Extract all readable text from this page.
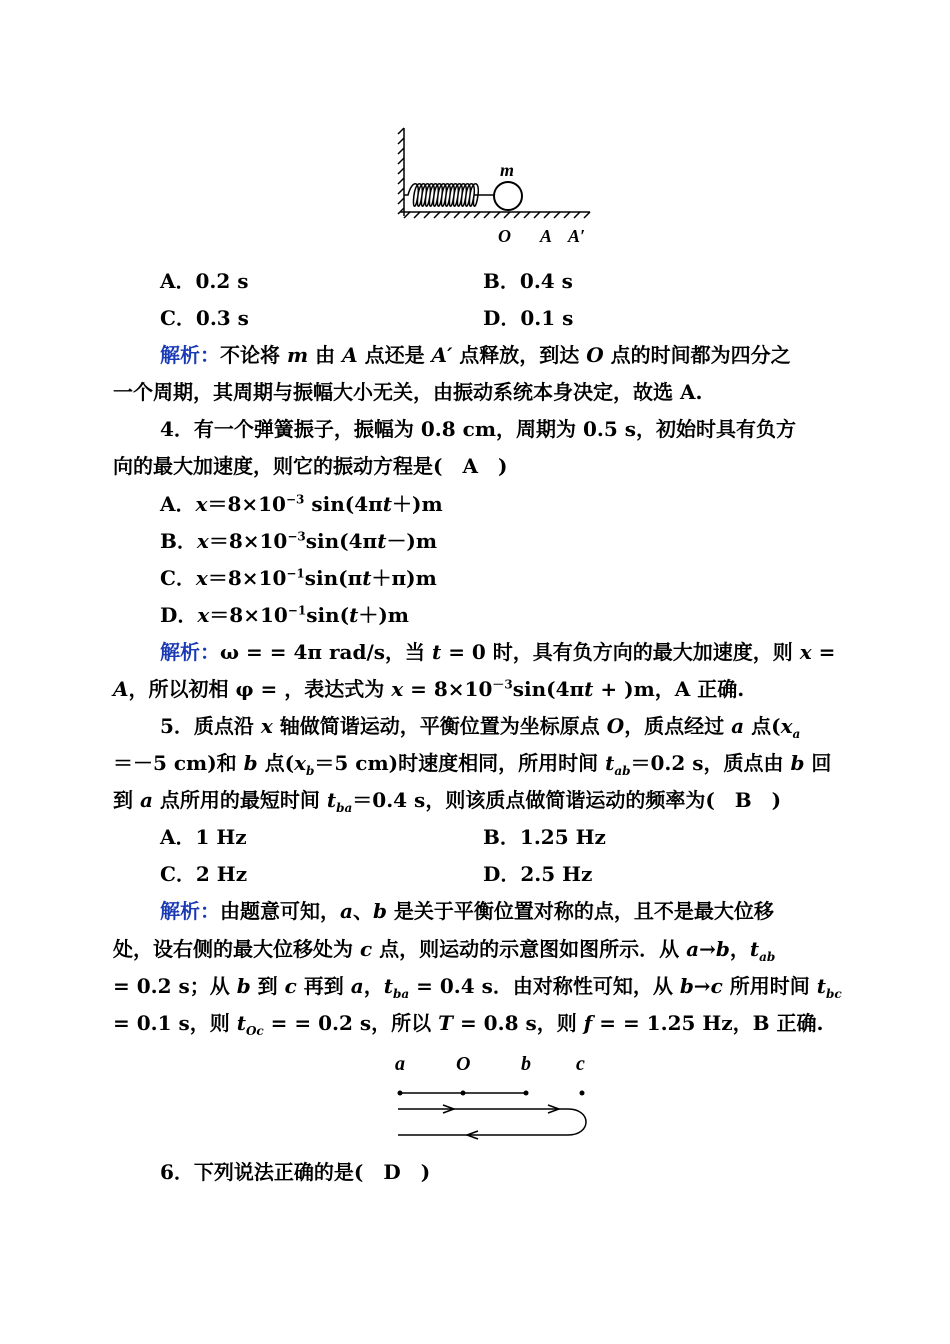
m
O A A′
A．0.2 s	B．0.4 s
C．0.3 s	D．0.1 s
解析：不论将 m 由 A 点还是 A′ 点释放，到达 O 点的时间都为四分之
一个周期，其周期与振幅大小无关，由振动系统本身决定，故选 A.
4．有一个弹簧振子，振幅为 0.8 cm，周期为 0.5 s，初始时具有负方
向的最大加速度，则它的振动方程是(　A　)
A．$x=8\times 10^{-3}$ sin(4πt＋)m
B．$x=8\times 10^{-3}\sin(4\pi t-)m$
C．$x=8\times 10^{-1}\sin(\pi t+\pi)m$
D．$x=8\times 10^{-1}\sin(t+)m$
解析：ω = = 4π rad/s，当 t = 0 时，具有负方向的最大加速度，则 x =
A，所以初相 φ = ，表达式为 $x = 8\times 10^{-3}\sin(4\pi t + )m$，A 正确.
5．质点沿 x 轴做简谐运动，平衡位置为坐标原点 O，质点经过 a 点($x_a$
＝－5 cm)和 b 点($x_b=5$ cm)时速度相同，所用时间 $t_{ab}=0.2$ s，质点由 b 回
到 a 点所用的最短时间 $t_{ba}=0.4$ s，则该质点做简谐运动的频率为(　B　)
A．1 Hz	B．1.25 Hz
C．2 Hz	D．2.5 Hz
解析：由题意可知，a、b 是关于平衡位置对称的点，且不是最大位移
处，设右侧的最大位移处为 c 点，则运动的示意图如图所示．从 a→b，$t_{ab}$
= 0.2 s；从 b 到 c 再到 a，$t_{ba} = 0.4$ s．由对称性可知，从 b→c 所用时间 $t_{bc}$
= 0.1 s，则 $t_{Oc}$ = = 0.2 s，所以 T = 0.8 s，则 f = = 1.25 Hz，B 正确.
a	O	b c
6．下列说法正确的是(　D　)
